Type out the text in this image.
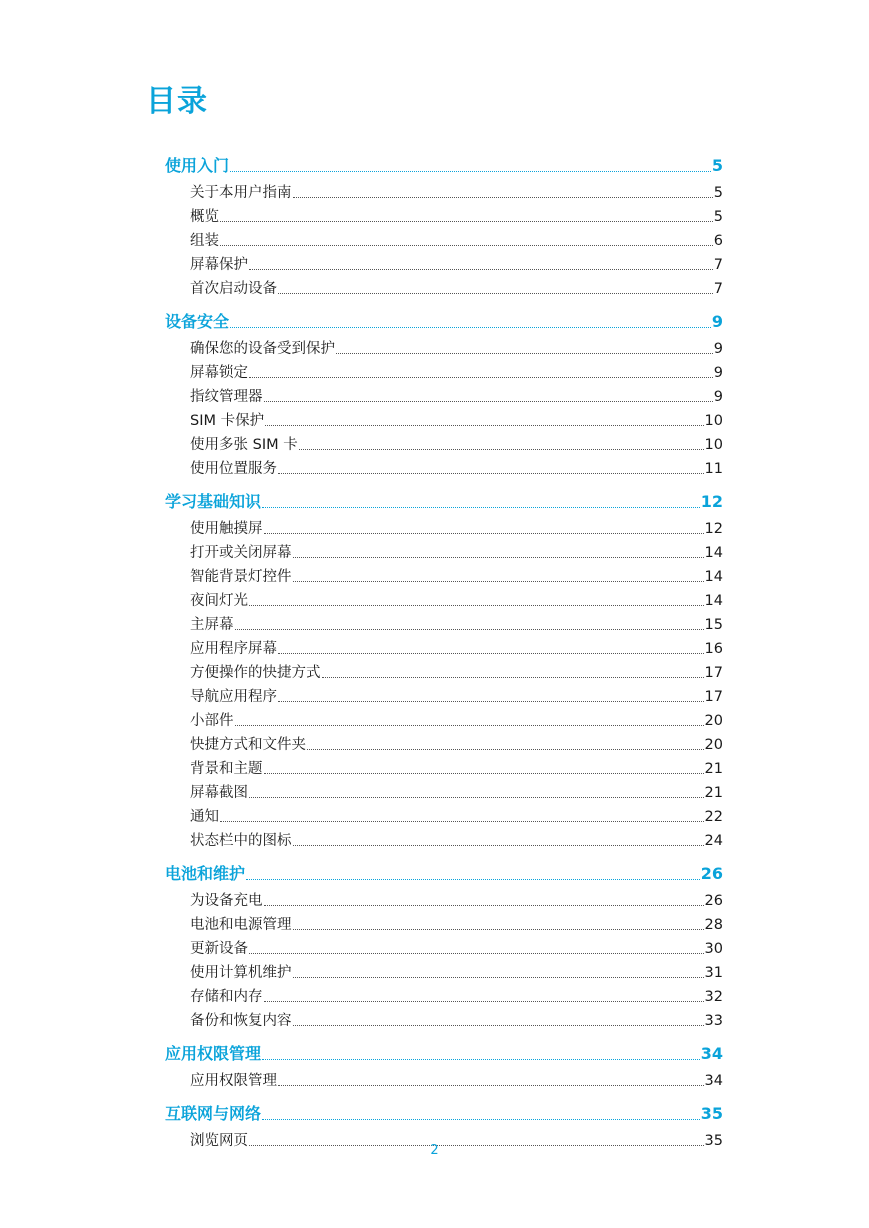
目录
使用入门	5
关于本用户指南	5
概览	5
组装	6
屏幕保护	7
首次启动设备	7
设备安全	9
确保您的设备受到保护	9
屏幕锁定	9
指纹管理器	9
SIM 卡保护	10
使用多张 SIM 卡	10
使用位置服务	11
学习基础知识	12
使用触摸屏	12
打开或关闭屏幕	14
智能背景灯控件	14
夜间灯光	14
主屏幕	15
应用程序屏幕	16
方便操作的快捷方式	17
导航应用程序	17
小部件	20
快捷方式和文件夹	20
背景和主题	21
屏幕截图	21
通知	22
状态栏中的图标	24
电池和维护	26
为设备充电	26
电池和电源管理	28
更新设备	30
使用计算机维护	31
存储和内存	32
备份和恢复内容	33
应用权限管理	34
应用权限管理	34
互联网与网络	35
浏览网页	35
2
